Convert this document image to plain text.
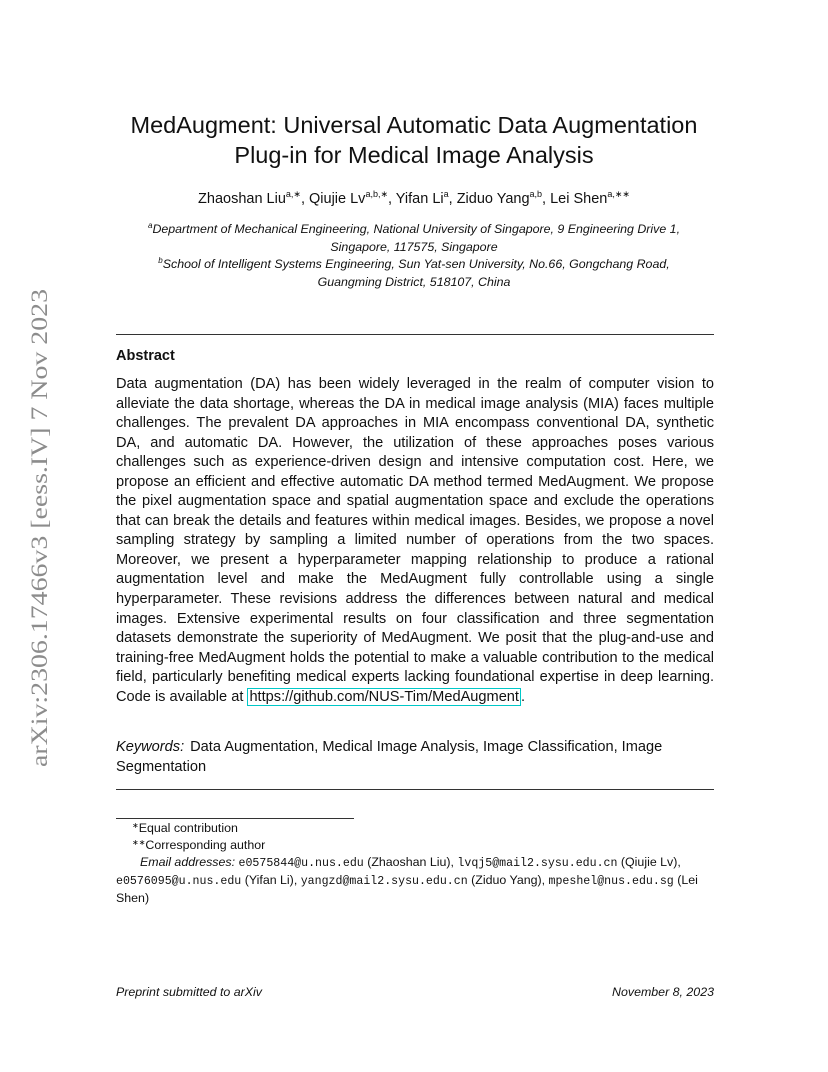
arXiv:2306.17466v3 [eess.IV] 7 Nov 2023
MedAugment: Universal Automatic Data Augmentation
Plug-in for Medical Image Analysis
Zhaoshan Liu$^{a,∗}$, Qiujie $Lv^{a,b,∗}$, Yifan Li$^a$, Ziduo Yang$^{a,b}$, Lei Shen$^{a,∗∗}$
$^a$Department of Mechanical Engineering, National University of Singapore, 9 Engineering Drive 1,
Singapore, 117575, Singapore
$^b$School of Intelligent Systems Engineering, Sun Yat-sen University, No.66, Gongchang Road,
Guangming District, 518107, China
Abstract
Data augmentation (DA) has been widely leveraged in the realm of computer vision to alleviate the data shortage, whereas the DA in medical image analysis (MIA) faces multiple challenges. The prevalent DA approaches in MIA encompass conventional DA, synthetic DA, and automatic DA. However, the utilization of these approaches poses various challenges such as experience-driven design and intensive computation cost. Here, we propose an efficient and effective automatic DA method termed MedAugment. We propose the pixel augmentation space and spatial augmentation space and exclude the operations that can break the details and features within medical images. Besides, we propose a novel sampling strategy by sampling a limited number of operations from the two spaces. Moreover, we present a hyperparameter mapping relationship to produce a rational augmentation level and make the MedAugment fully controllable using a single hyperparameter. These revisions address the differences between natural and medical images. Extensive experimental results on four classification and three segmentation datasets demonstrate the superiority of MedAugment. We posit that the plug-and-use and training-free MedAugment holds the potential to make a valuable contribution to the medical field, particularly benefiting medical experts lacking foundational expertise in deep learning. Code is available at https://github.com/NUS-Tim/MedAugment .
Keywords: Data Augmentation, Medical Image Analysis, Image Classification, Image Segmentation
∗Equal contribution
∗∗Corresponding author
Email addresses: e0575844@u.nus.edu (Zhaoshan Liu), lvqj5@mail2.sysu.edu.cn (Qiujie Lv), e0576095@u.nus.edu (Yifan Li), yangzd@mail2.sysu.edu.cn (Ziduo Yang), mpeshel@nus.edu.sg (Lei Shen)
Preprint submitted to arXiv	November 8, 2023
